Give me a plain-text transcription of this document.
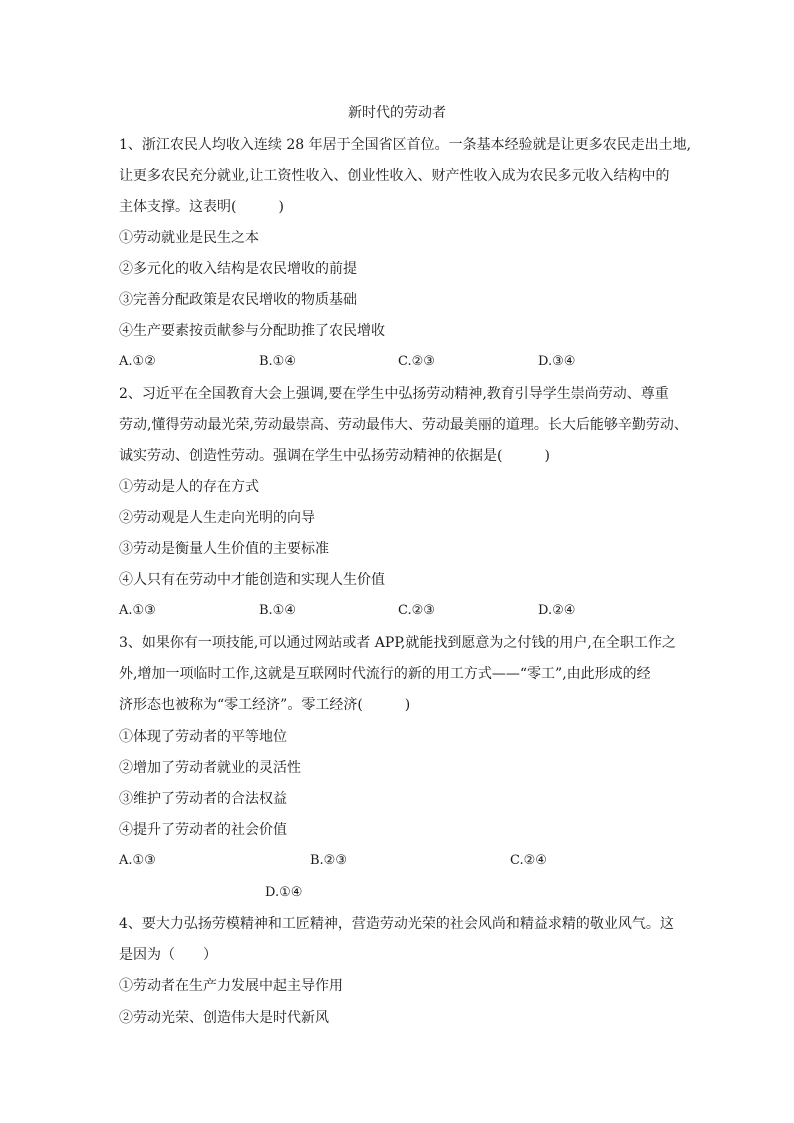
新时代的劳动者
1、浙江农民人均收入连续 28 年居于全国省区首位。一条基本经验就是让更多农民走出土地,
让更多农民充分就业,让工资性收入、创业性收入、财产性收入成为农民多元收入结构中的
主体支撑。这表明(　　　)
①劳动就业是民生之本
②多元化的收入结构是农民增收的前提
③完善分配政策是农民增收的物质基础
④生产要素按贡献参与分配助推了农民增收
A.①②	B.①④	C.②③	D.③④
2、习近平在全国教育大会上强调,要在学生中弘扬劳动精神,教育引导学生崇尚劳动、尊重
劳动,懂得劳动最光荣,劳动最崇高、劳动最伟大、劳动最美丽的道理。长大后能够辛勤劳动、
诚实劳动、创造性劳动。强调在学生中弘扬劳动精神的依据是(　　　)
①劳动是人的存在方式
②劳动观是人生走向光明的向导
③劳动是衡量人生价值的主要标准
④人只有在劳动中才能创造和实现人生价值
A.①③	B.①④	C.②③	D.②④
3、如果你有一项技能,可以通过网站或者 APP,就能找到愿意为之付钱的用户,在全职工作之
外,增加一项临时工作,这就是互联网时代流行的新的用工方式——“零工”,由此形成的经
济形态也被称为“零工经济”。零工经济(　　　)
①体现了劳动者的平等地位
②增加了劳动者就业的灵活性
③维护了劳动者的合法权益
④提升了劳动者的社会价值
A.①③	B.②③	C.②④
D.①④
4、要大力弘扬劳模精神和工匠精神，营造劳动光荣的社会风尚和精益求精的敬业风气。这
是因为（　　）
①劳动者在生产力发展中起主导作用
②劳动光荣、创造伟大是时代新风
